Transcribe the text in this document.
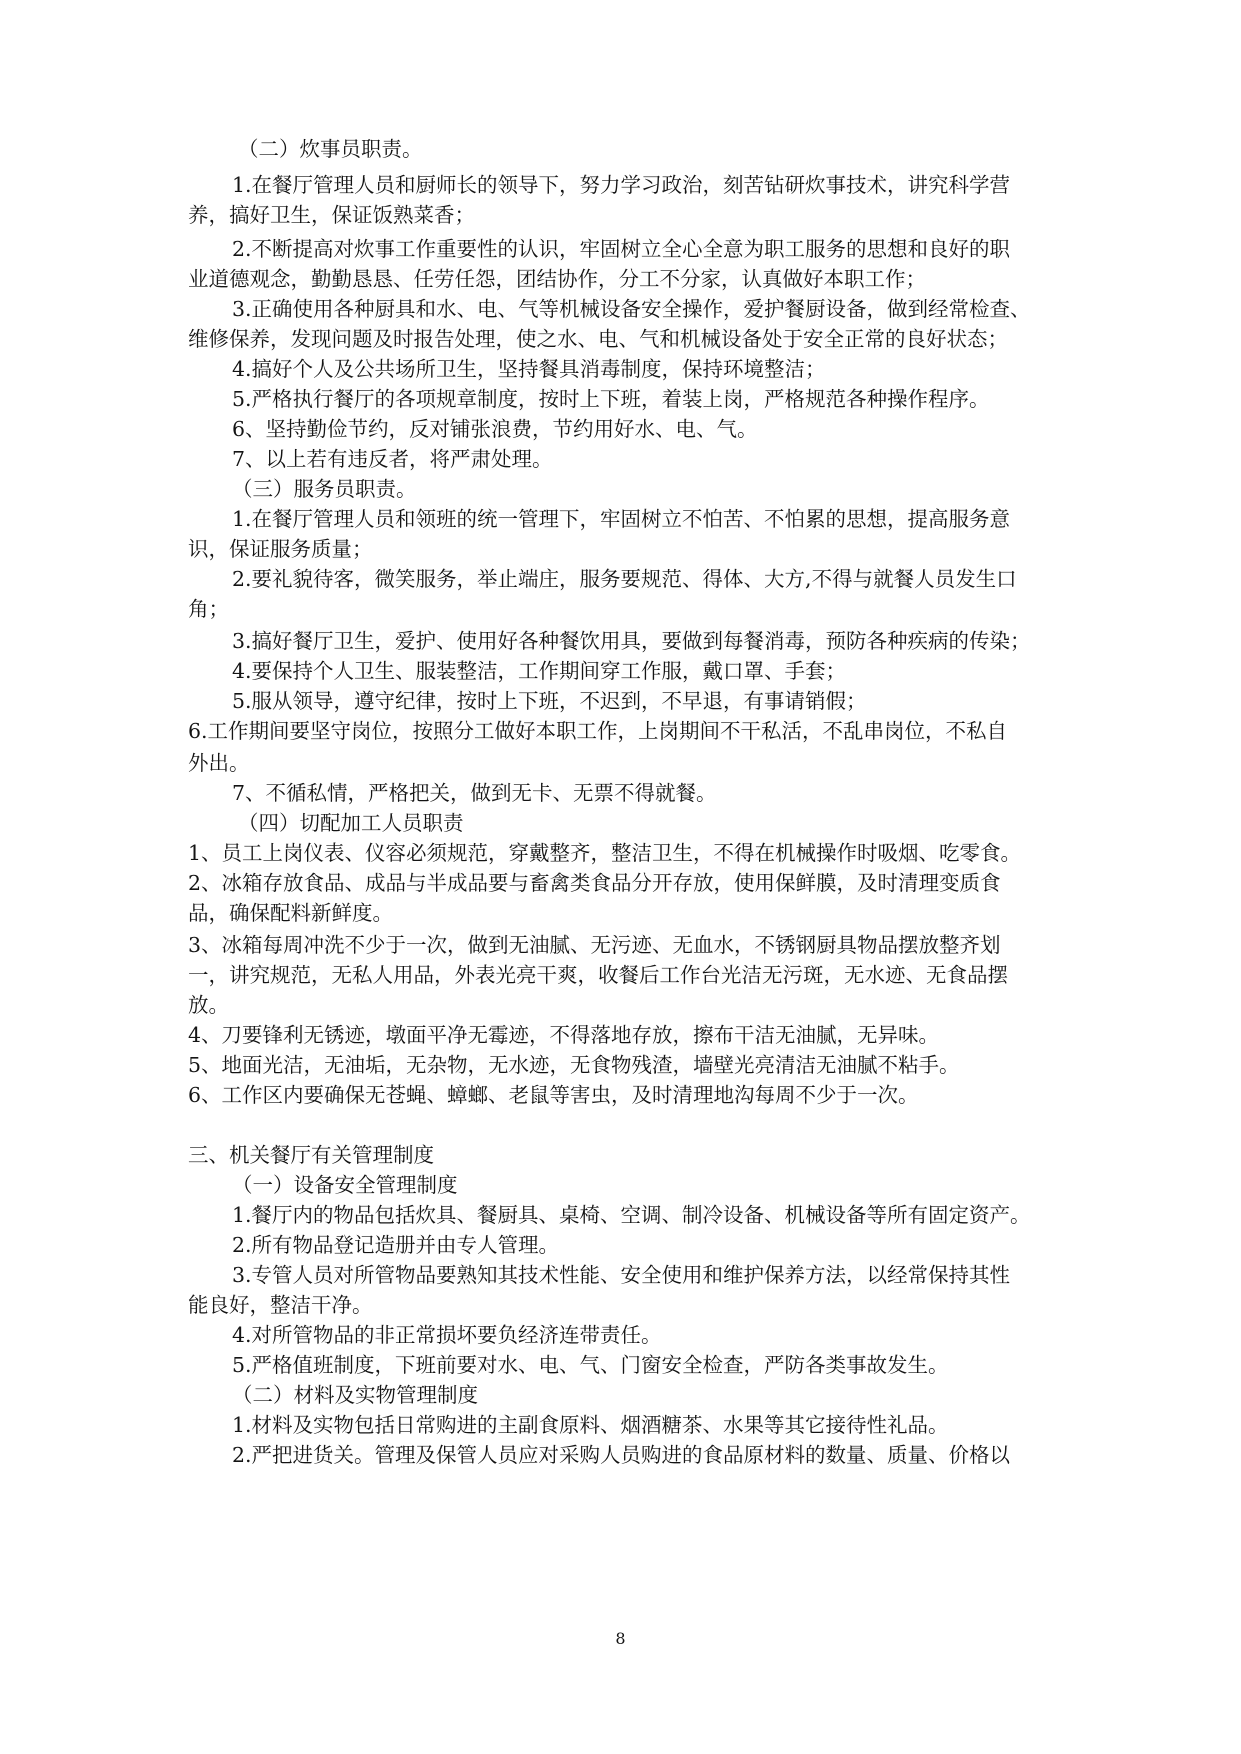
（二）炊事员职责。
1.在餐厅管理人员和厨师长的领导下，努力学习政治，刻苦钻研炊事技术，讲究科学营
养，搞好卫生，保证饭熟菜香；
2.不断提高对炊事工作重要性的认识，牢固树立全心全意为职工服务的思想和良好的职
业道德观念，勤勤恳恳、任劳任怨，团结协作，分工不分家，认真做好本职工作；
3.正确使用各种厨具和水、电、气等机械设备安全操作，爱护餐厨设备，做到经常检查、
维修保养，发现问题及时报告处理，使之水、电、气和机械设备处于安全正常的良好状态；
4.搞好个人及公共场所卫生，坚持餐具消毒制度，保持环境整洁；
5.严格执行餐厅的各项规章制度，按时上下班，着装上岗，严格规范各种操作程序。
6、坚持勤俭节约，反对铺张浪费，节约用好水、电、气。
7、以上若有违反者，将严肃处理。
（三）服务员职责。
1.在餐厅管理人员和领班的统一管理下，牢固树立不怕苦、不怕累的思想，提高服务意
识，保证服务质量；
2.要礼貌待客，微笑服务，举止端庄，服务要规范、得体、大方,不得与就餐人员发生口
角；
3.搞好餐厅卫生，爱护、使用好各种餐饮用具，要做到每餐消毒，预防各种疾病的传染；
4.要保持个人卫生、服装整洁，工作期间穿工作服，戴口罩、手套；
5.服从领导，遵守纪律，按时上下班，不迟到，不早退，有事请销假；
6.工作期间要坚守岗位，按照分工做好本职工作，上岗期间不干私活，不乱串岗位，不私自
外出。
7、不循私情，严格把关，做到无卡、无票不得就餐。
（四）切配加工人员职责
1、员工上岗仪表、仪容必须规范，穿戴整齐，整洁卫生，不得在机械操作时吸烟、吃零食。
2、冰箱存放食品、成品与半成品要与畜禽类食品分开存放，使用保鲜膜，及时清理变质食
品，确保配料新鲜度。
3、冰箱每周冲洗不少于一次，做到无油腻、无污迹、无血水，不锈钢厨具物品摆放整齐划
一，讲究规范，无私人用品，外表光亮干爽，收餐后工作台光洁无污斑，无水迹、无食品摆
放。
4、刀要锋利无锈迹，墩面平净无霉迹，不得落地存放，擦布干洁无油腻，无异味。
5、地面光洁，无油垢，无杂物，无水迹，无食物残渣，墙壁光亮清洁无油腻不粘手。
6、工作区内要确保无苍蝇、蟑螂、老鼠等害虫，及时清理地沟每周不少于一次。
三、机关餐厅有关管理制度
（一）设备安全管理制度
1.餐厅内的物品包括炊具、餐厨具、桌椅、空调、制冷设备、机械设备等所有固定资产。
2.所有物品登记造册并由专人管理。
3.专管人员对所管物品要熟知其技术性能、安全使用和维护保养方法，以经常保持其性
能良好，整洁干净。
4.对所管物品的非正常损坏要负经济连带责任。
5.严格值班制度，下班前要对水、电、气、门窗安全检查，严防各类事故发生。
（二）材料及实物管理制度
1.材料及实物包括日常购进的主副食原料、烟酒糖茶、水果等其它接待性礼品。
2.严把进货关。管理及保管人员应对采购人员购进的食品原材料的数量、质量、价格以
8
